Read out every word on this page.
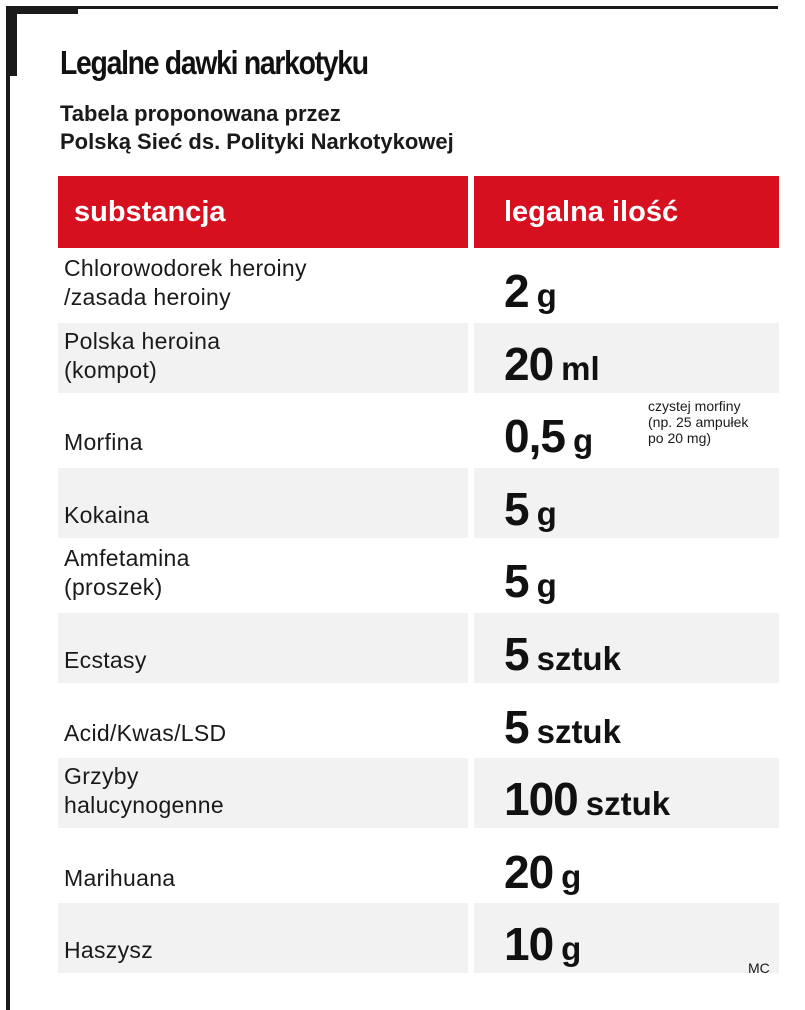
Legalne dawki narkotyku
Tabela proponowana przez
Polską Sieć ds. Polityki Narkotykowej
substancja	legalna ilość
Chlorowodorek heroiny
/zasada heroiny	2 g
Polska heroina
(kompot)	20 ml
Morfina	0,5 g
Kokaina	5 g
Amfetamina
(proszek)	5 g
Ecstasy	5 sztuk
Acid/Kwas/LSD	5 sztuk
Grzyby
halucynogenne	100 sztuk
Marihuana	20 g
Haszysz	10 g
czystej morfiny
(np. 25 ampułek
po 20 mg)
MC
